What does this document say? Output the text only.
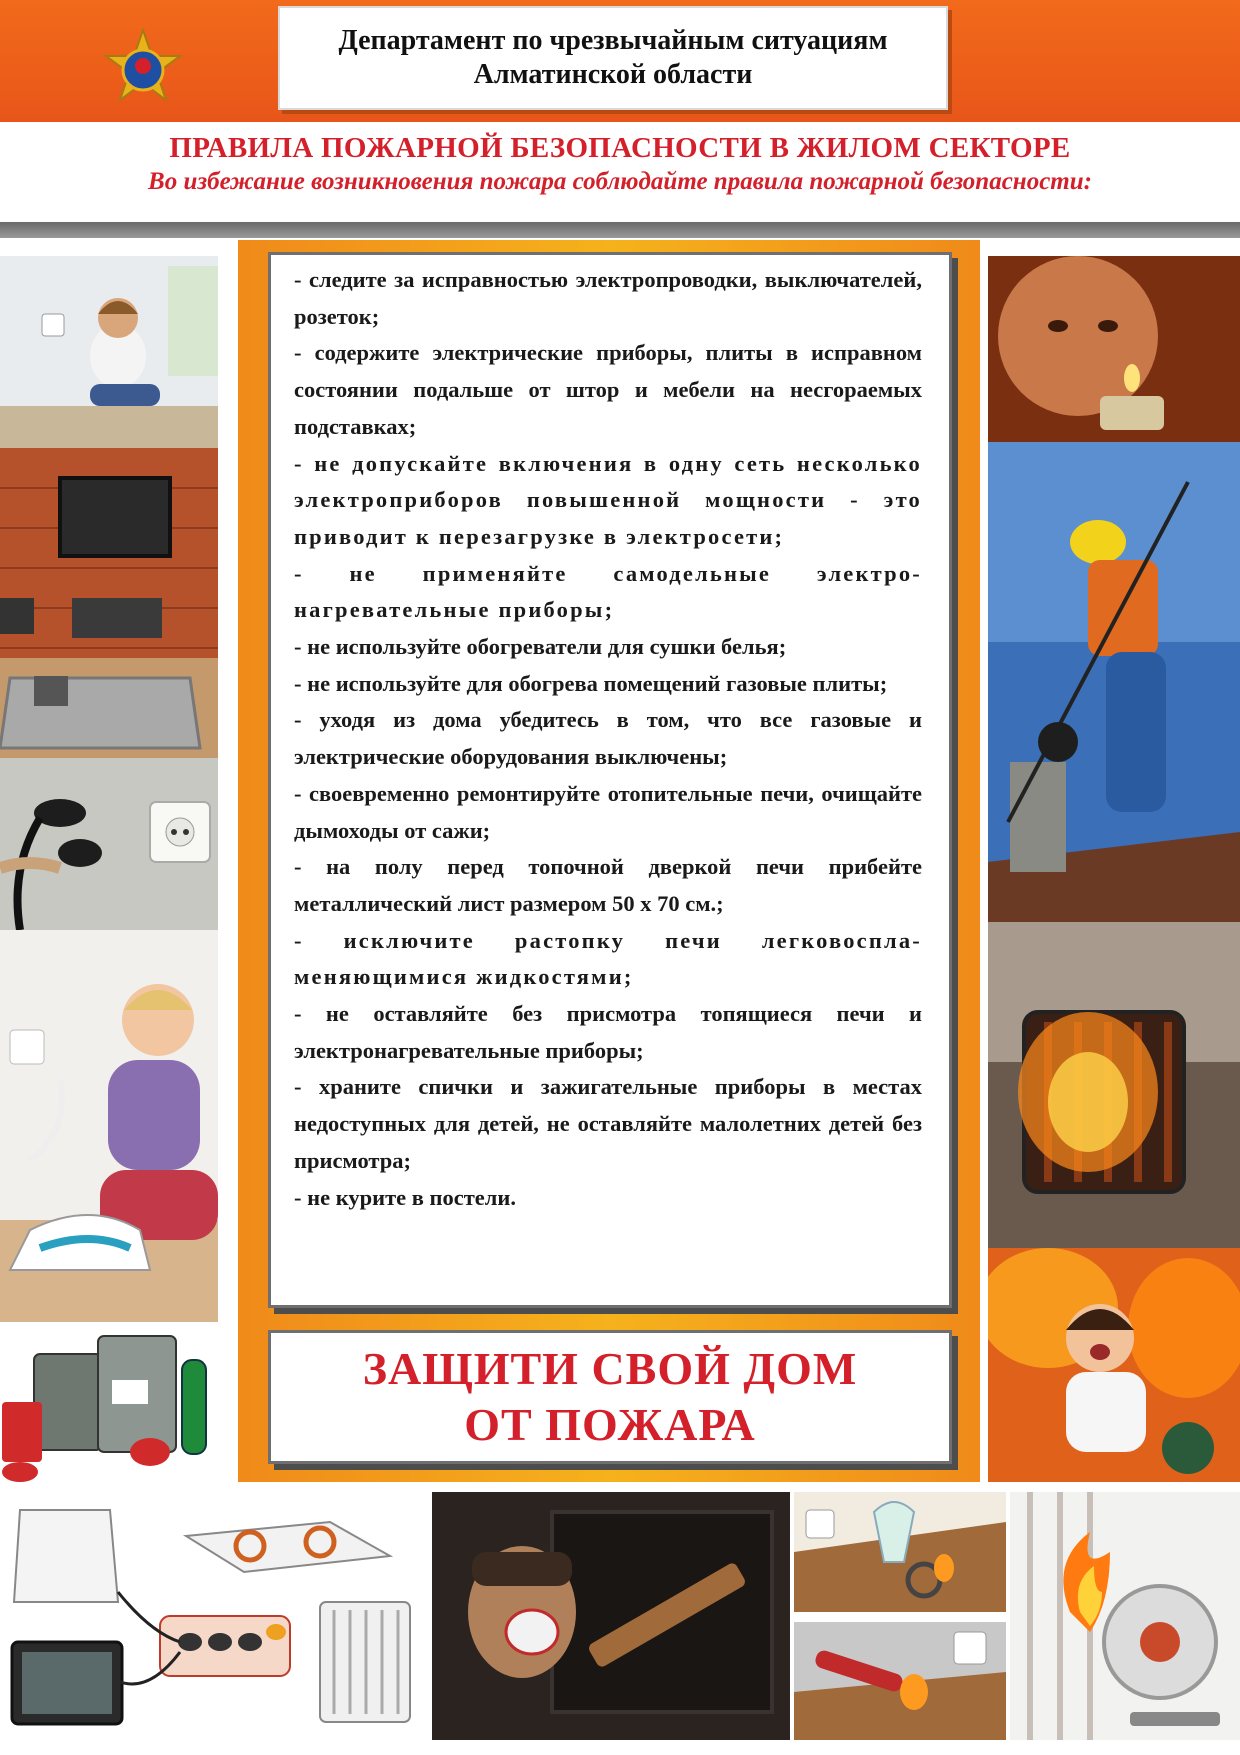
Департамент по чрезвычайным ситуациям
Алматинской области
ПРАВИЛА ПОЖАРНОЙ БЕЗОПАСНОСТИ В ЖИЛОМ СЕКТОРЕ
Во избежание возникновения пожара соблюдайте правила пожарной безопасности:

- следите за исправностью электропроводки, выключателей, розеток;

- содержите электрические приборы, плиты в исправном состоянии подальше от штор и мебели на несгораемых подставках;

- не допускайте включения в одну сеть несколько электроприборов повышенной мощности - это приводит к перезагрузке в электросети;

- не применяйте самодельные электро-нагревательные приборы;

- не используйте обогреватели для сушки белья;

- не используйте для обогрева помещений газовые плиты;

- уходя из дома убедитесь в том, что все газовые и электрические оборудования выключены;

- своевременно ремонтируйте отопительные печи, очищайте дымоходы от сажи;

- на полу перед топочной дверкой печи прибейте металлический лист размером 50 х 70 см.;

- исключите растопку печи легковоспла-меняющимися жидкостями;

- не оставляйте без присмотра топящиеся печи и электронагревательные приборы;

- храните спички и зажигательные приборы в местах недоступных для детей, не оставляйте малолетних детей без присмотра;

- не курите в постели.

ЗАЩИТИ СВОЙ ДОМ
ОТ ПОЖАРА
